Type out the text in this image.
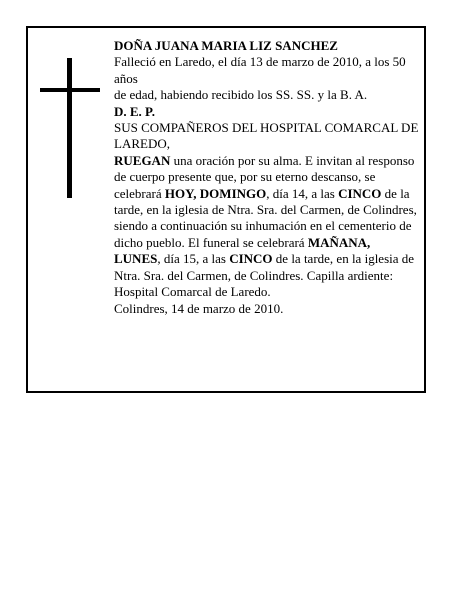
DOÑA JUANA MARIA LIZ SANCHEZ

Falleció en Laredo, el día 13 de marzo de 2010, a los 50 años

de edad, habiendo recibido los SS. SS. y la B. A.

D. E. P.

SUS COMPAÑEROS DEL HOSPITAL COMARCAL DE LAREDO,

RUEGAN una oración por su alma. E invitan al responso de cuerpo presente que, por su eterno descanso, se celebrará HOY, DOMINGO, día 14, a las CINCO de la tarde, en la iglesia de Ntra. Sra. del Carmen, de Colindres, siendo a continuación su inhumación en el cementerio de dicho pueblo. El funeral se celebrará MAÑANA, LUNES, día 15, a las CINCO de la tarde, en la iglesia de Ntra. Sra. del Carmen, de Colindres. Capilla ardiente: Hospital Comarcal de Laredo.

Colindres, 14 de marzo de 2010.
